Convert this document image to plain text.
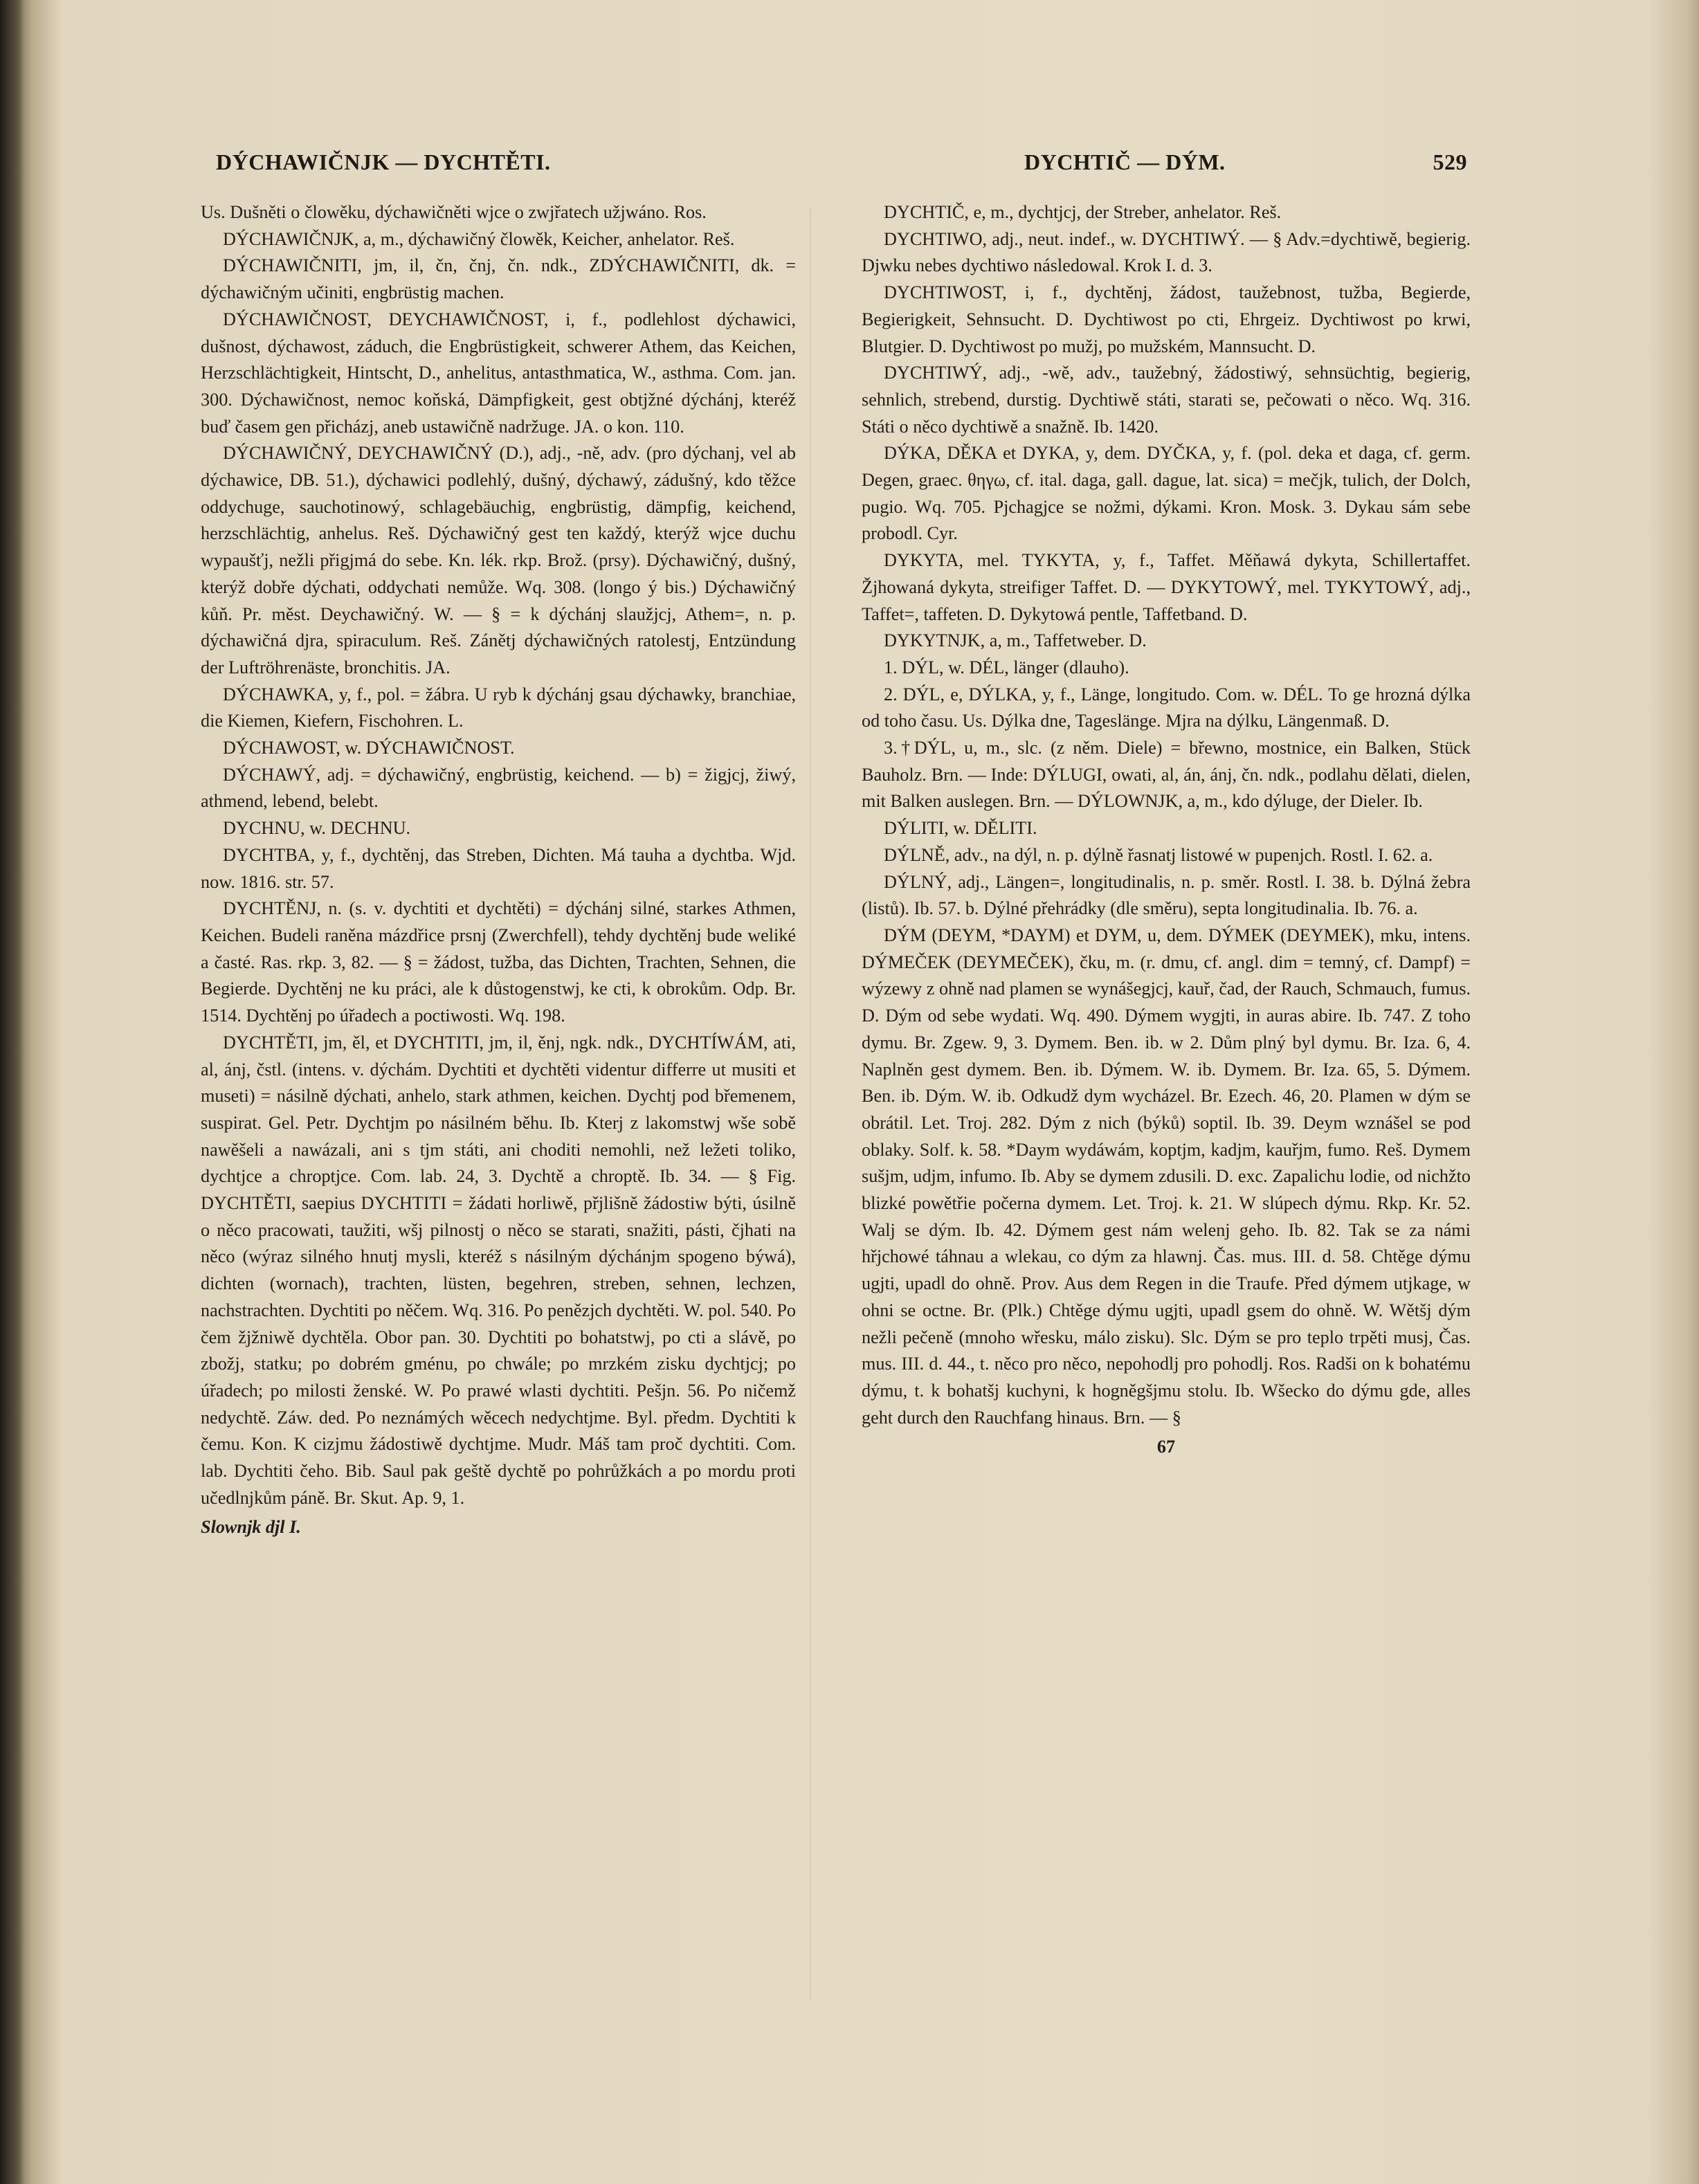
DÝCHAWIČNJK — DYCHTĚTI.	DYCHTIČ — DÝM.	529

Us. Dušněti o člowěku, dýchawičněti wjce o zwjřatech užjwáno. Ros.

DÝCHAWIČNJK, a, m., dýchawičný člowěk, Keicher, anhelator. Reš.

DÝCHAWIČNITI, jm, il, čn, čnj, čn. ndk., ZDÝCHAWIČNITI, dk. = dýchawičným učiniti, engbrüstig machen.

DÝCHAWIČNOST, DEYCHAWIČNOST, i, f., podlehlost dýchawici, dušnost, dýchawost, záduch, die Engbrüstigkeit, schwerer Athem, das Keichen, Herzschlächtigkeit, Hintscht, D., anhelitus, antasthmatica, W., asthma. Com. jan. 300. Dýchawičnost, nemoc koňská, Dämpfigkeit, gest obtjžné dýchánj, kteréž buď časem gen přicházj, aneb ustawičně nadržuge. JA. o kon. 110.

DÝCHAWIČNÝ, DEYCHAWIČNÝ (D.), adj., -ně, adv. (pro dýchanj, vel ab dýchawice, DB. 51.), dýchawici podlehlý, dušný, dýchawý, zádušný, kdo těžce oddychuge, sauchotinowý, schlagebäuchig, engbrüstig, dämpfig, keichend, herzschlächtig, anhelus. Reš. Dýchawičný gest ten každý, kterýž wjce duchu wypaušťj, nežli přigjmá do sebe. Kn. lék. rkp. Brož. (prsy). Dýchawičný, dušný, kterýž dobře dýchati, oddychati nemůže. Wq. 308. (longo ý bis.) Dýchawičný kůň. Pr. měst. Deychawičný. W. — § = k dýchánj slaužjcj, Athem=, n. p. dýchawičná djra, spiraculum. Reš. Zánětj dýchawičných ratolestj, Entzündung der Luftröhrenäste, bronchitis. JA.

DÝCHAWKA, y, f., pol. = žábra. U ryb k dýchánj gsau dýchawky, branchiae, die Kiemen, Kiefern, Fischohren. L.

DÝCHAWOST, w. DÝCHAWIČNOST.

DÝCHAWÝ, adj. = dýchawičný, engbrüstig, keichend. — b) = žigjcj, žiwý, athmend, lebend, belebt.

DYCHNU, w. DECHNU.

DYCHTBA, y, f., dychtěnj, das Streben, Dichten. Má tauha a dychtba. Wjd. now. 1816. str. 57.

DYCHTĚNJ, n. (s. v. dychtiti et dychtěti) = dýchánj silné, starkes Athmen, Keichen. Budeli raněna mázdřice prsnj (Zwerchfell), tehdy dychtěnj bude weliké a časté. Ras. rkp. 3, 82. — § = žádost, tužba, das Dichten, Trachten, Sehnen, die Begierde. Dychtěnj ne ku práci, ale k důstogenstwj, ke cti, k obrokům. Odp. Br. 1514. Dychtěnj po úřadech a poctiwosti. Wq. 198.

DYCHTĚTI, jm, ěl, et DYCHTITI, jm, il, ěnj, ngk. ndk., DYCHTÍWÁM, ati, al, ánj, čstl. (intens. v. dýchám. Dychtiti et dychtěti videntur differre ut musiti et museti) = násilně dýchati, anhelo, stark athmen, keichen. Dychtj pod břemenem, suspirat. Gel. Petr. Dychtjm po násilném běhu. Ib. Kterj z lakomstwj wše sobě nawěšeli a nawázali, ani s tjm státi, ani choditi nemohli, než ležeti toliko, dychtjce a chroptjce. Com. lab. 24, 3. Dychtě a chroptě. Ib. 34. — § Fig. DYCHTĚTI, saepius DYCHTITI = žádati horliwě, přjlišně žádostiw býti, úsilně o něco pracowati, taužiti, wšj pilnostj o něco se starati, snažiti, pásti, čjhati na něco (wýraz silného hnutj mysli, kteréž s násilným dýchánjm spogeno býwá), dichten (wornach), trachten, lüsten, begehren, streben, sehnen, lechzen, nachstrachten. Dychtiti po něčem. Wq. 316. Po penězjch dychtěti. W. pol. 540. Po čem žjžniwě dychtěla. Obor pan. 30. Dychtiti po bohatstwj, po cti a slávě, po zbožj, statku; po dobrém gménu, po chwále; po mrzkém zisku dychtjcj; po úřadech; po milosti ženské. W. Po prawé wlasti dychtiti. Pešjn. 56. Po ničemž nedychtě. Záw. ded. Po neznámých wěcech nedychtjme. Byl. předm. Dychtiti k čemu. Kon. K cizjmu žádostiwě dychtjme. Mudr. Máš tam proč dychtiti. Com. lab. Dychtiti čeho. Bib. Saul pak geště dychtě po pohrůžkách a po mordu proti učedlnjkům páně. Br. Skut. Ap. 9, 1.

Slownjk djl I.

DYCHTIČ, e, m., dychtjcj, der Streber, anhelator. Reš.

DYCHTIWO, adj., neut. indef., w. DYCHTIWÝ. — § Adv.=dychtiwě, begierig. Djwku nebes dychtiwo následowal. Krok I. d. 3.

DYCHTIWOST, i, f., dychtěnj, žádost, taužebnost, tužba, Begierde, Begierigkeit, Sehnsucht. D. Dychtiwost po cti, Ehrgeiz. Dychtiwost po krwi, Blutgier. D. Dychtiwost po mužj, po mužském, Mannsucht. D.

DYCHTIWÝ, adj., -wě, adv., taužebný, žádostiwý, sehnsüchtig, begierig, sehnlich, strebend, durstig. Dychtiwě státi, starati se, pečowati o něco. Wq. 316. Státi o něco dychtiwě a snažně. Ib. 1420.

DÝKA, DĚKA et DYKA, y, dem. DYČKA, y, f. (pol. deka et daga, cf. germ. Degen, graec. θηγω, cf. ital. daga, gall. dague, lat. sica) = mečjk, tulich, der Dolch, pugio. Wq. 705. Pjchagjce se nožmi, dýkami. Kron. Mosk. 3. Dykau sám sebe probodl. Cyr.

DYKYTA, mel. TYKYTA, y, f., Taffet. Měňawá dykyta, Schillertaffet. Žjhowaná dykyta, streifiger Taffet. D. — DYKYTOWÝ, mel. TYKYTOWÝ, adj., Taffet=, taffeten. D. Dykytowá pentle, Taffetband. D.

DYKYTNJK, a, m., Taffetweber. D.

1. DÝL, w. DÉL, länger (dlauho).

2. DÝL, e, DÝLKA, y, f., Länge, longitudo. Com. w. DÉL. To ge hrozná dýlka od toho času. Us. Dýlka dne, Tageslänge. Mjra na dýlku, Längenmaß. D.

3.†DÝL, u, m., slc. (z něm. Diele) = břewno, mostnice, ein Balken, Stück Bauholz. Brn. — Inde: DÝLUGI, owati, al, án, ánj, čn. ndk., podlahu dělati, dielen, mit Balken auslegen. Brn. — DÝLOWNJK, a, m., kdo dýluge, der Dieler. Ib.

DÝLITI, w. DĚLITI.

DÝLNĚ, adv., na dýl, n. p. dýlně řasnatj listowé w pupenjch. Rostl. I. 62. a.

DÝLNÝ, adj., Längen=, longitudinalis, n. p. směr. Rostl. I. 38. b. Dýlná žebra (listů). Ib. 57. b. Dýlné přehrádky (dle směru), septa longitudinalia. Ib. 76. a.

DÝM (DEYM, *DAYM) et DYM, u, dem. DÝMEK (DEYMEK), mku, intens. DÝMEČEK (DEYMEČEK), čku, m. (r. dmu, cf. angl. dim = temný, cf. Dampf) = wýzewy z ohně nad plamen se wynášegjcj, kauř, čad, der Rauch, Schmauch, fumus. D. Dým od sebe wydati. Wq. 490. Dýmem wygjti, in auras abire. Ib. 747. Z toho dymu. Br. Zgew. 9, 3. Dymem. Ben. ib. w 2. Dům plný byl dymu. Br. Iza. 6, 4. Naplněn gest dymem. Ben. ib. Dýmem. W. ib. Dymem. Br. Iza. 65, 5. Dýmem. Ben. ib. Dým. W. ib. Odkudž dym wycházel. Br. Ezech. 46, 20. Plamen w dým se obrátil. Let. Troj. 282. Dým z nich (býků) soptil. Ib. 39. Deym wznášel se pod oblaky. Solf. k. 58. *Daym wydáwám, koptjm, kadjm, kauřjm, fumo. Reš. Dymem sušjm, udjm, infumo. Ib. Aby se dymem zdusili. D. exc. Zapalichu lodie, od nichžto blizké powětřie počerna dymem. Let. Troj. k. 21. W slúpech dýmu. Rkp. Kr. 52. Walj se dým. Ib. 42. Dýmem gest nám welenj geho. Ib. 82. Tak se za námi hřjchowé táhnau a wlekau, co dým za hlawnj. Čas. mus. III. d. 58. Chtěge dýmu ugjti, upadl do ohně. Prov. Aus dem Regen in die Traufe. Před dýmem utjkage, w ohni se octne. Br. (Plk.) Chtěge dýmu ugjti, upadl gsem do ohně. W. Wětšj dým nežli pečeně (mnoho wřesku, málo zisku). Slc. Dým se pro teplo trpěti musj, Čas. mus. III. d. 44., t. něco pro něco, nepohodlj pro pohodlj. Ros. Radši on k bohatému dýmu, t. k bohatšj kuchyni, k hogněgšjmu stolu. Ib. Wšecko do dýmu gde, alles geht durch den Rauchfang hinaus. Brn. — §

67
